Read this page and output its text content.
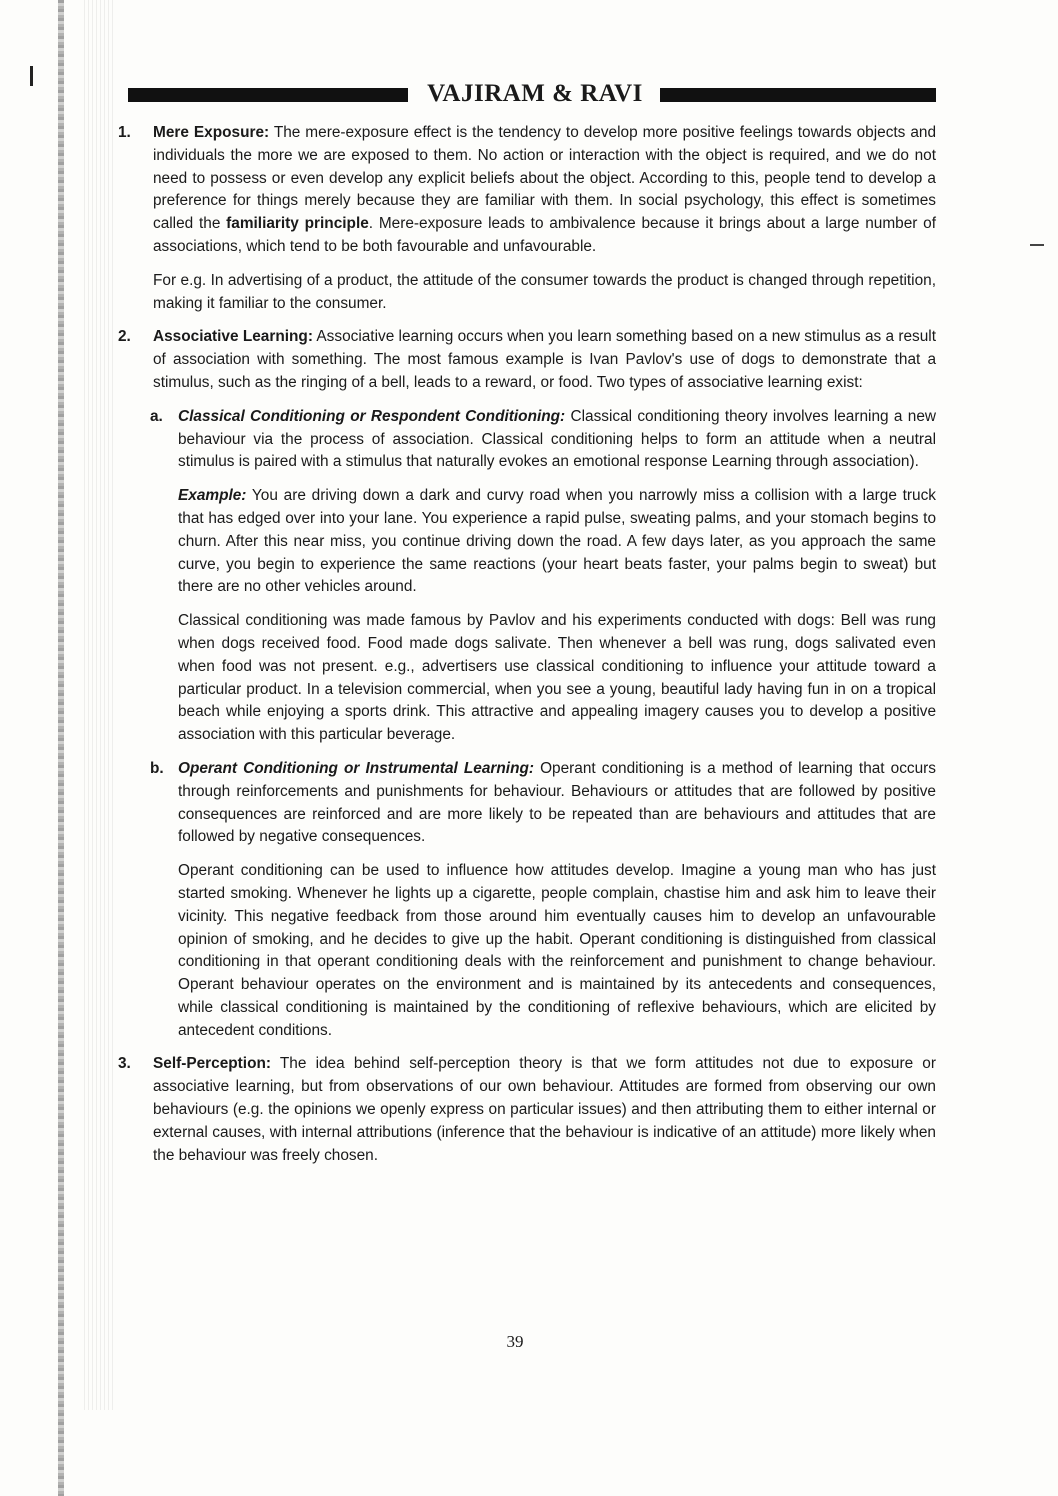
VAJIRAM & RAVI
1. Mere Exposure: The mere-exposure effect is the tendency to develop more positive feelings towards objects and individuals the more we are exposed to them. No action or interaction with the object is required, and we do not need to possess or even develop any explicit beliefs about the object. According to this, people tend to develop a preference for things merely because they are familiar with them. In social psychology, this effect is sometimes called the familiarity principle. Mere-exposure leads to ambivalence because it brings about a large number of associations, which tend to be both favourable and unfavourable.

For e.g. In advertising of a product, the attitude of the consumer towards the product is changed through repetition, making it familiar to the consumer.

2. Associative Learning: Associative learning occurs when you learn something based on a new stimulus as a result of association with something. The most famous example is Ivan Pavlov's use of dogs to demonstrate that a stimulus, such as the ringing of a bell, leads to a reward, or food. Two types of associative learning exist:

a. Classical Conditioning or Respondent Conditioning: Classical conditioning theory involves learning a new behaviour via the process of association. Classical conditioning helps to form an attitude when a neutral stimulus is paired with a stimulus that naturally evokes an emotional response Learning through association).

Example: You are driving down a dark and curvy road when you narrowly miss a collision with a large truck that has edged over into your lane. You experience a rapid pulse, sweating palms, and your stomach begins to churn. After this near miss, you continue driving down the road. A few days later, as you approach the same curve, you begin to experience the same reactions (your heart beats faster, your palms begin to sweat) but there are no other vehicles around.

Classical conditioning was made famous by Pavlov and his experiments conducted with dogs: Bell was rung when dogs received food. Food made dogs salivate. Then whenever a bell was rung, dogs salivated even when food was not present. e.g., advertisers use classical conditioning to influence your attitude toward a particular product. In a television commercial, when you see a young, beautiful lady having fun in on a tropical beach while enjoying a sports drink. This attractive and appealing imagery causes you to develop a positive association with this particular beverage.

b. Operant Conditioning or Instrumental Learning: Operant conditioning is a method of learning that occurs through reinforcements and punishments for behaviour. Behaviours or attitudes that are followed by positive consequences are reinforced and are more likely to be repeated than are behaviours and attitudes that are followed by negative consequences.

Operant conditioning can be used to influence how attitudes develop. Imagine a young man who has just started smoking. Whenever he lights up a cigarette, people complain, chastise him and ask him to leave their vicinity. This negative feedback from those around him eventually causes him to develop an unfavourable opinion of smoking, and he decides to give up the habit. Operant conditioning is distinguished from classical conditioning in that operant conditioning deals with the reinforcement and punishment to change behaviour. Operant behaviour operates on the environment and is maintained by its antecedents and consequences, while classical conditioning is maintained by the conditioning of reflexive behaviours, which are elicited by antecedent conditions.

3. Self-Perception: The idea behind self-perception theory is that we form attitudes not due to exposure or associative learning, but from observations of our own behaviour. Attitudes are formed from observing our own behaviours (e.g. the opinions we openly express on particular issues) and then attributing them to either internal or external causes, with internal attributions (inference that the behaviour is indicative of an attitude) more likely when the behaviour was freely chosen.

39
